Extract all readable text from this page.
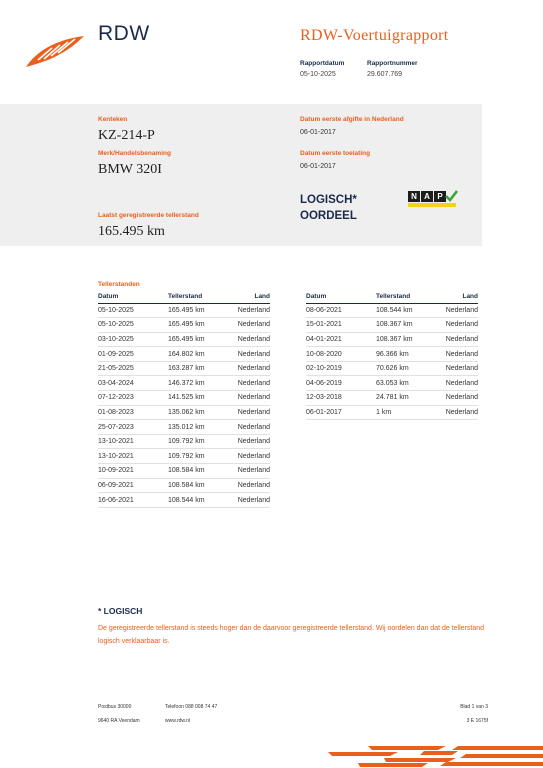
RDW	RDW-Voertuigrapport
Rapportdatum	Rapportnummer
05-10-2025	29.607.769
Kenteken
KZ-214-P
Merk/Handelsbenaming
BMW 320I
Laatst geregistreerde tellerstand
165.495 km
Datum eerste afgifte in Nederland
06-01-2017
Datum eerste toelating
06-01-2017
LOGISCH*
OORDEEL
N A P
Tellerstanden
Datum	Tellerstand	Land
05-10-2025	165.495 km	Nederland
05-10-2025	165.495 km	Nederland
03-10-2025	165.495 km	Nederland
01-09-2025	164.802 km	Nederland
21-05-2025	163.287 km	Nederland
03-04-2024	146.372 km	Nederland
07-12-2023	141.525 km	Nederland
01-08-2023	135.062 km	Nederland
25-07-2023	135.012 km	Nederland
13-10-2021	109.792 km	Nederland
13-10-2021	109.792 km	Nederland
10-09-2021	108.584 km	Nederland
06-09-2021	108.584 km	Nederland
16-06-2021	108.544 km	Nederland
Datum	Tellerstand	Land
08-06-2021	108.544 km	Nederland
15-01-2021	108.367 km	Nederland
04-01-2021	108.367 km	Nederland
10-08-2020	96.366 km	Nederland
02-10-2019	70.626 km	Nederland
04-06-2019	63.053 km	Nederland
12-03-2018	24.781 km	Nederland
06-01-2017	1 km	Nederland
* LOGISCH
De geregistreerde tellerstand is steeds hoger dan de daarvoor geregistreerde tellerstand. Wij oordelen dan dat de tellerstand logisch verklaarbaar is.
Postbus 30000
9640 RA Veendam
Telefoon 088 008 74 47
www.rdw.nl
Blad 1 van 3
3 E 1675f
